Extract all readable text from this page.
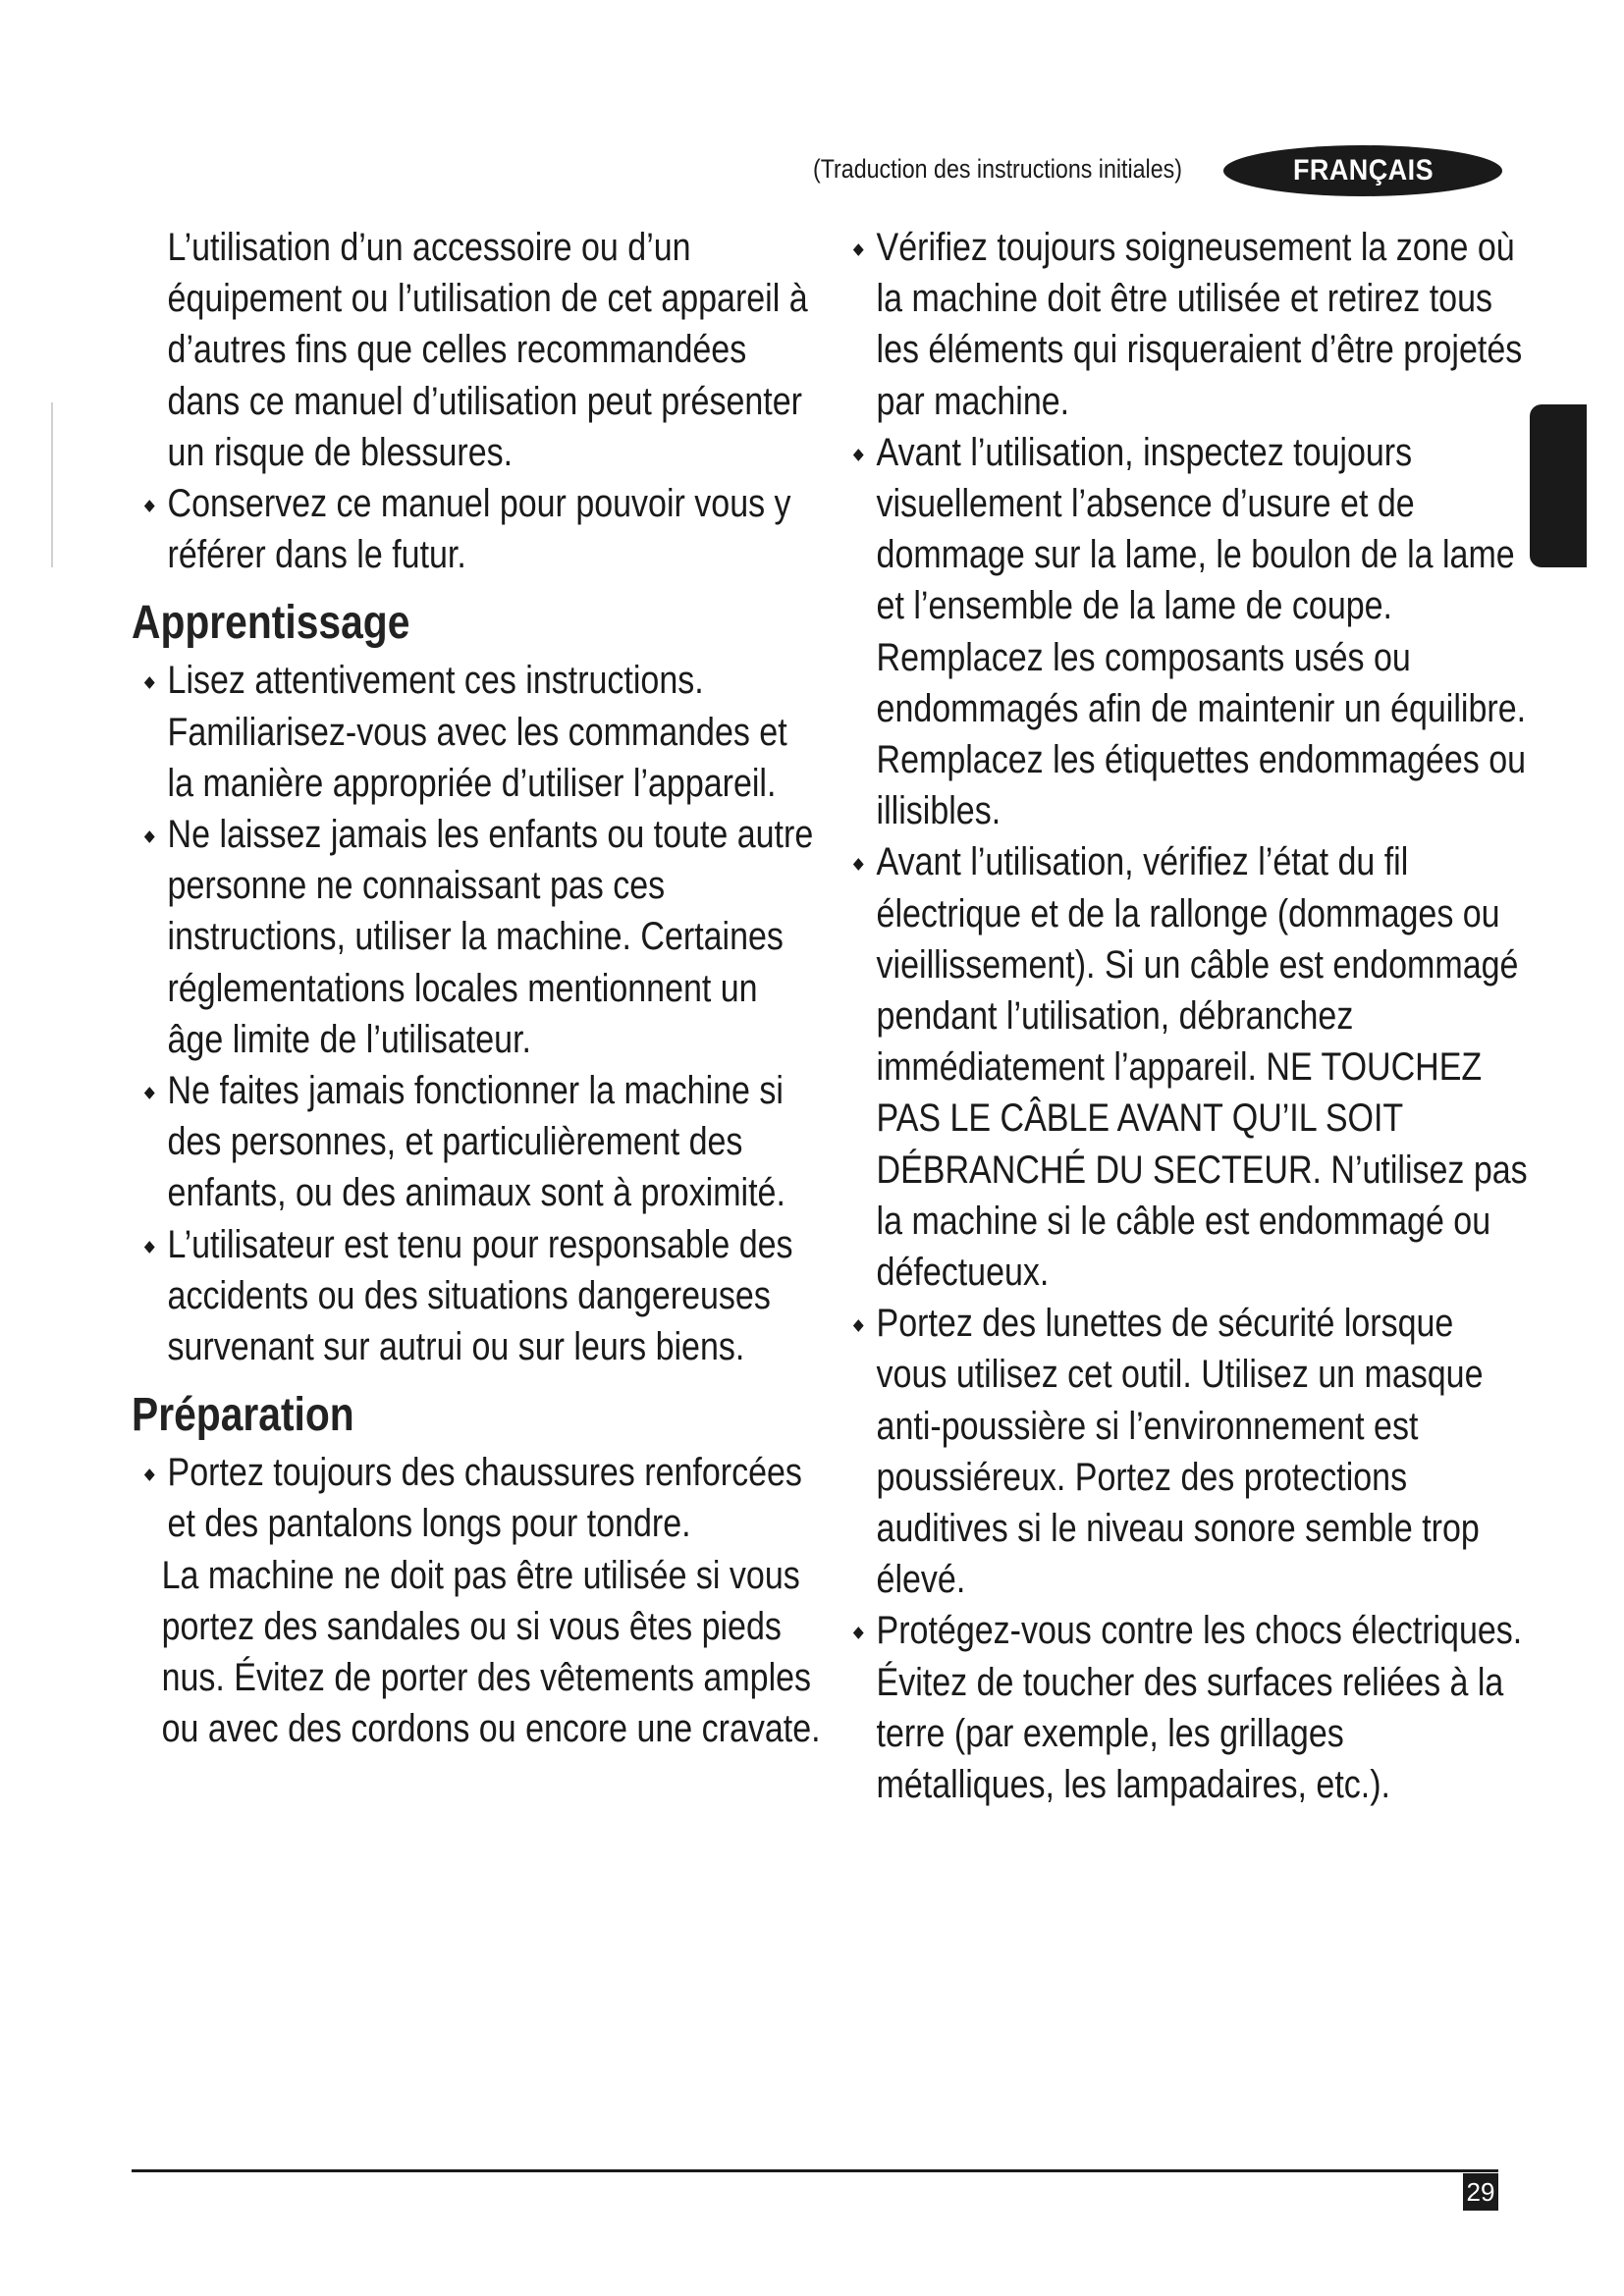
(Traduction des instructions initiales)	FRANÇAIS
L’utilisation d’un accessoire ou d’un équipement ou l’utilisation de cet appareil à d’autres fins que celles recommandées dans ce manuel d’utilisation peut présenter un risque de blessures.
Conservez ce manuel pour pouvoir vous y référer dans le futur.
Apprentissage
Lisez attentivement ces instructions. Familiarisez-vous avec les commandes et la manière appropriée d’utiliser l’appareil.
Ne laissez jamais les enfants ou toute autre personne ne connaissant pas ces instructions, utiliser la machine. Certaines réglementations locales mentionnent un âge limite de l’utilisateur.
Ne faites jamais fonctionner la machine si des personnes, et particulièrement des enfants, ou des animaux sont à proximité.
L’utilisateur est tenu pour responsable des accidents ou des situations dangereuses survenant sur autrui ou sur leurs biens.
Préparation
Portez toujours des chaussures renforcées et des pantalons longs pour tondre.
La machine ne doit pas être utilisée si vous portez des sandales ou si vous êtes pieds nus. Évitez de porter des vêtements amples ou avec des cordons ou encore une cravate.
Vérifiez toujours soigneusement la zone où la machine doit être utilisée et retirez tous les éléments qui risqueraient d’être projetés par machine.
Avant l’utilisation, inspectez toujours visuellement l’absence d’usure et de dommage sur la lame, le boulon de la lame et l’ensemble de la lame de coupe. Remplacez les composants usés ou endommagés afin de maintenir un équilibre. Remplacez les étiquettes endommagées ou illisibles.
Avant l’utilisation, vérifiez l’état du fil électrique et de la rallonge (dommages ou vieillissement). Si un câble est endommagé pendant l’utilisation, débranchez immédiatement l’appareil. NE TOUCHEZ PAS LE CÂBLE AVANT QU’IL SOIT DÉBRANCHÉ DU SECTEUR. N’utilisez pas la machine si le câble est endommagé ou défectueux.
Portez des lunettes de sécurité lorsque vous utilisez cet outil. Utilisez un masque anti-poussière si l’environnement est poussiéreux. Portez des protections auditives si le niveau sonore semble trop élevé.
Protégez-vous contre les chocs électriques. Évitez de toucher des surfaces reliées à la terre (par exemple, les grillages métalliques, les lampadaires, etc.).
29
